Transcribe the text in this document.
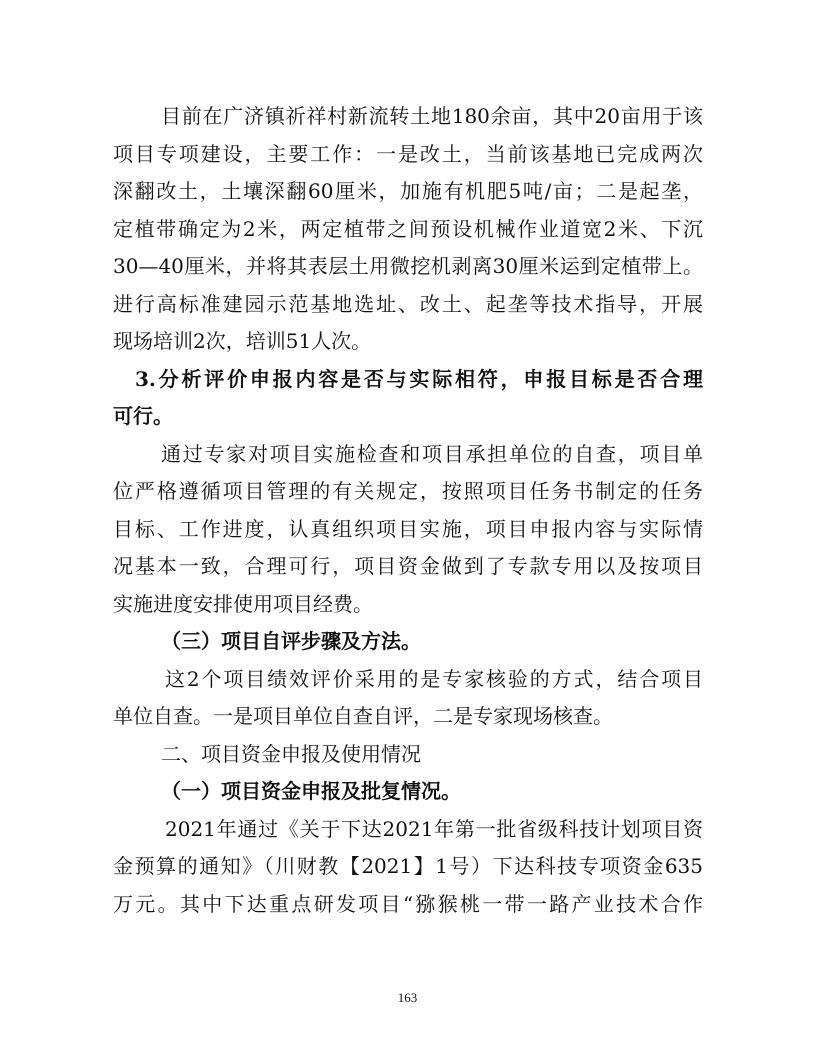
目前在广济镇祈祥村新流转土地180余亩，其中20亩用于该
项目专项建设，主要工作：一是改土，当前该基地已完成两次
深翻改土，土壤深翻60厘米，加施有机肥5吨/亩；二是起垄，
定植带确定为2米，两定植带之间预设机械作业道宽2米、下沉
30—40厘米，并将其表层土用微挖机剥离30厘米运到定植带上。
进行高标准建园示范基地选址、改土、起垄等技术指导，开展
现场培训2次，培训51人次。
3.分析评价申报内容是否与实际相符，申报目标是否合理
可行。
通过专家对项目实施检查和项目承担单位的自查，项目单
位严格遵循项目管理的有关规定，按照项目任务书制定的任务
目标、工作进度，认真组织项目实施，项目申报内容与实际情
况基本一致，合理可行，项目资金做到了专款专用以及按项目
实施进度安排使用项目经费。
（三）项目自评步骤及方法。
这2个项目绩效评价采用的是专家核验的方式，结合项目
单位自查。一是项目单位自查自评，二是专家现场核查。
二、项目资金申报及使用情况
（一）项目资金申报及批复情况。
2021年通过《关于下达2021年第一批省级科技计划项目资
金预算的通知》（川财教【2021】1号）下达科技专项资金635
万元。其中下达重点研发项目“猕猴桃一带一路产业技术合作
163
